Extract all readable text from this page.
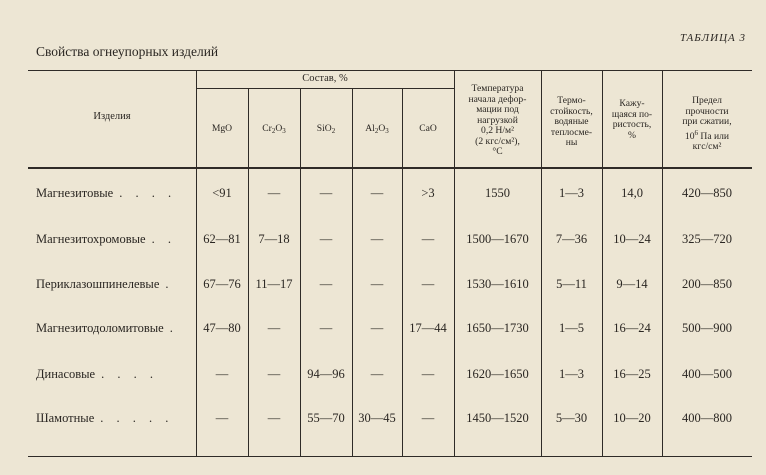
ТАБЛИЦА 3
Свойства огнеупорных изделий
Изделия
Состав, %
MgO	$Cr_2O_3$	SiO$_2$	$Al_2O_3$	CaO
Температура
начала дефор-
мации под
нагрузкой
0,2 Н/м²
(2 кгс/см²),
°C
Термо-
стойкость,
водяные
теплосме-
ны
Кажу-
щаяся по-
ристость,
%
Предел
прочности
при сжатии,
$10^6$ Па или
кгс/см²
Магнезитовые . . . .	<91	—	—	—	>3	1550	1—3	14,0	420—850
Магнезитохромовые . .	62—81	7—18	—	—	—	1500—1670	7—36	10—24	325—720
Периклазошпинелевые .	67—76	11—17	—	—	—	1530—1610	5—11	9—14	200—850
Магнезитодоломитовые .	47—80	—	—	—	17—44	1650—1730	1—5	16—24	500—900
Динасовые . . . .	—	—	94—96	—	—	1620—1650	1—3	16—25	400—500
Шамотные . . . . .	—	—	55—70	30—45	—	1450—1520	5—30	10—20	400—800
